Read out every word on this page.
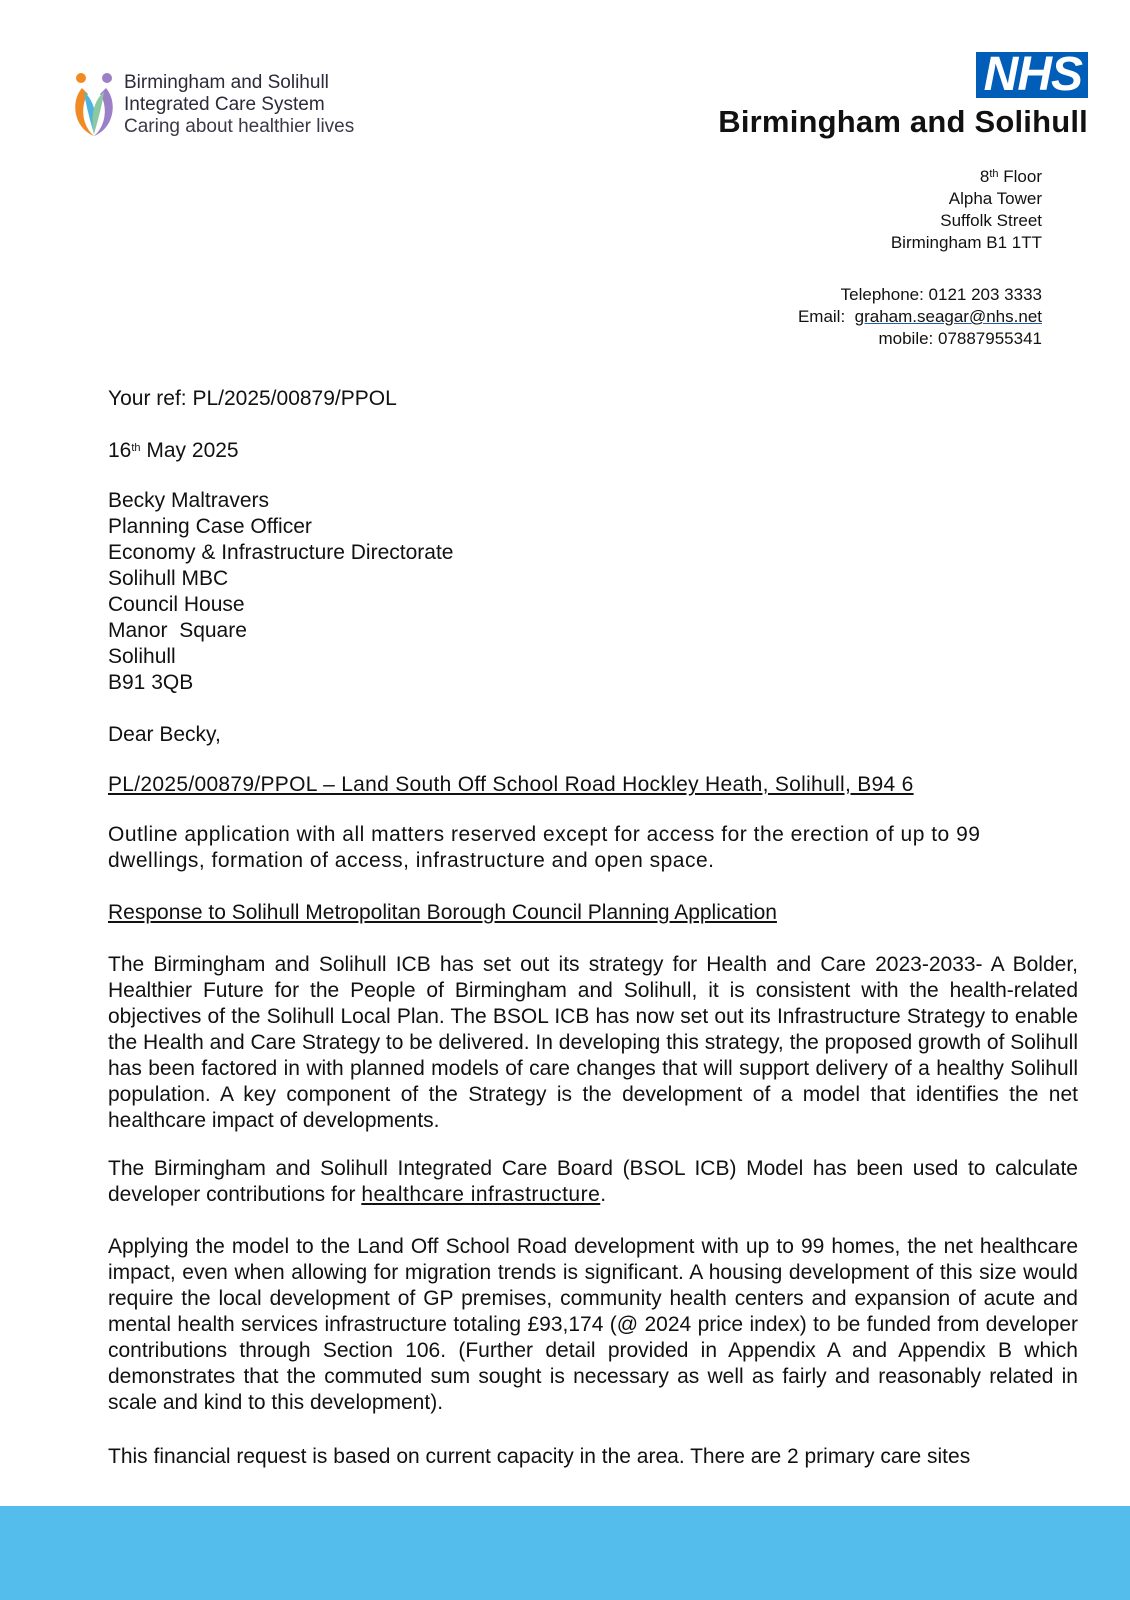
Birmingham and Solihull
Integrated Care System
Caring about healthier lives
NHS
Birmingham and Solihull
8th Floor
Alpha Tower
Suffolk Street
Birmingham B1 1TT
Telephone: 0121 203 3333
Email: graham.seagar@nhs.net
mobile: 07887955341
Your ref: PL/2025/00879/PPOL
16th May 2025
Becky Maltravers
Planning Case Officer
Economy & Infrastructure Directorate
Solihull MBC
Council House
Manor  Square
Solihull
B91 3QB
Dear Becky,
PL/2025/00879/PPOL – Land South Off School Road Hockley Heath, Solihull, B94 6
Outline application with all matters reserved except for access for the erection of up to 99 dwellings, formation of access, infrastructure and open space.
Response to Solihull Metropolitan Borough Council Planning Application
The Birmingham and Solihull ICB has set out its strategy for Health and Care 2023-2033- A Bolder, Healthier Future for the People of Birmingham and Solihull, it is consistent with the health-related objectives of the Solihull Local Plan. The BSOL ICB has now set out its Infrastructure Strategy to enable the Health and Care Strategy to be delivered. In developing this strategy, the proposed growth of Solihull has been factored in with planned models of care changes that will support delivery of a healthy Solihull population. A key component of the Strategy is the development of a model that identifies the net healthcare impact of developments.
The Birmingham and Solihull Integrated Care Board (BSOL ICB) Model has been used to calculate developer contributions for healthcare infrastructure.
Applying the model to the Land Off School Road development with up to 99 homes, the net healthcare impact, even when allowing for migration trends is significant. A housing development of this size would require the local development of GP premises, community health centers and expansion of acute and mental health services infrastructure totaling £93,174 (@ 2024 price index) to be funded from developer contributions through Section 106. (Further detail provided in Appendix A and Appendix B which demonstrates that the commuted sum sought is necessary as well as fairly and reasonably related in scale and kind to this development).
This financial request is based on current capacity in the area. There are 2 primary care sites
